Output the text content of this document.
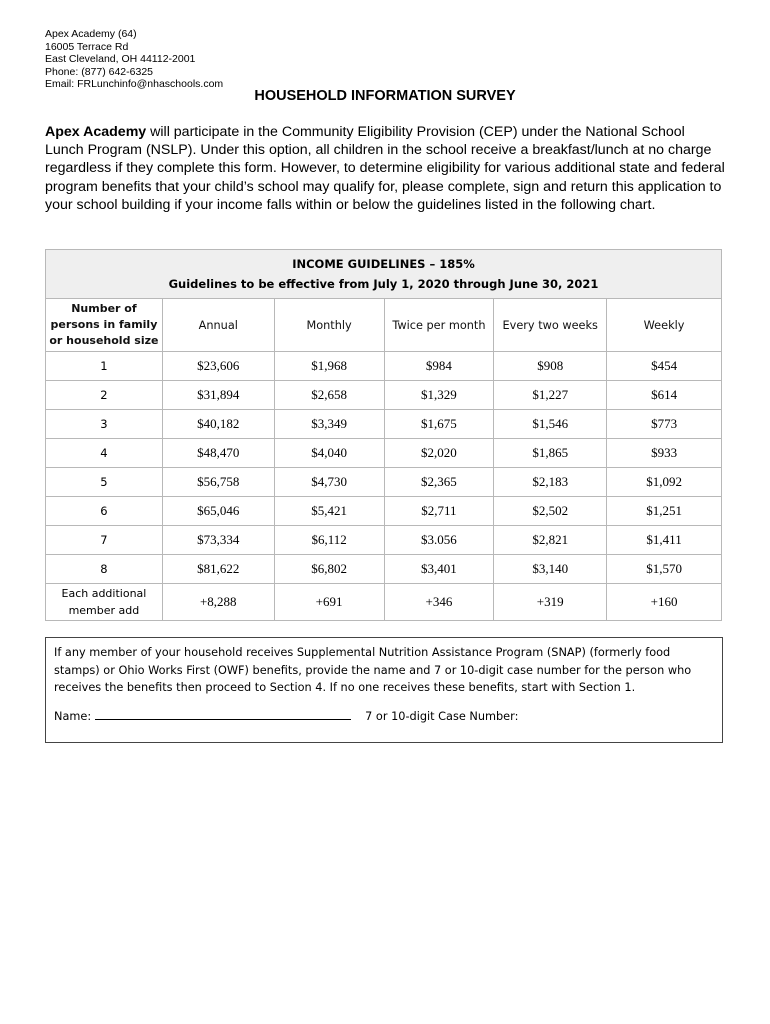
Apex Academy (64)
16005 Terrace Rd
East Cleveland, OH 44112-2001
Phone: (877) 642-6325
Email: FRLunchinfo@nhaschools.com
HOUSEHOLD INFORMATION SURVEY
Apex Academy will participate in the Community Eligibility Provision (CEP) under the National School Lunch Program (NSLP). Under this option, all children in the school receive a breakfast/lunch at no charge regardless if they complete this form. However, to determine eligibility for various additional state and federal program benefits that your child’s school may qualify for, please complete, sign and return this application to your school building if your income falls within or below the guidelines listed in the following chart.
INCOME GUIDELINES – 185%
Guidelines to be effective from July 1, 2020 through June 30, 2021					

Number of persons in family or household size	Annual	Monthly	Twice per month	Every two weeks	Weekly
1	$23,606	$1,968	$984	$908	$454
2	$31,894	$2,658	$1,329	$1,227	$614
3	$40,182	$3,349	$1,675	$1,546	$773
4	$48,470	$4,040	$2,020	$1,865	$933
5	$56,758	$4,730	$2,365	$2,183	$1,092
6	$65,046	$5,421	$2,711	$2,502	$1,251
7	$73,334	$6,112	$3.056	$2,821	$1,411
8	$81,622	$6,802	$3,401	$3,140	$1,570
Each additional member add	+8,288	+691	+346	+319	+160
If any member of your household receives Supplemental Nutrition Assistance Program (SNAP) (formerly food stamps) or Ohio Works First (OWF) benefits, provide the name and 7 or 10-digit case number for the person who receives the benefits then proceed to Section 4. If no one receives these benefits, start with Section 1.
Name:	7 or 10-digit Case Number:
